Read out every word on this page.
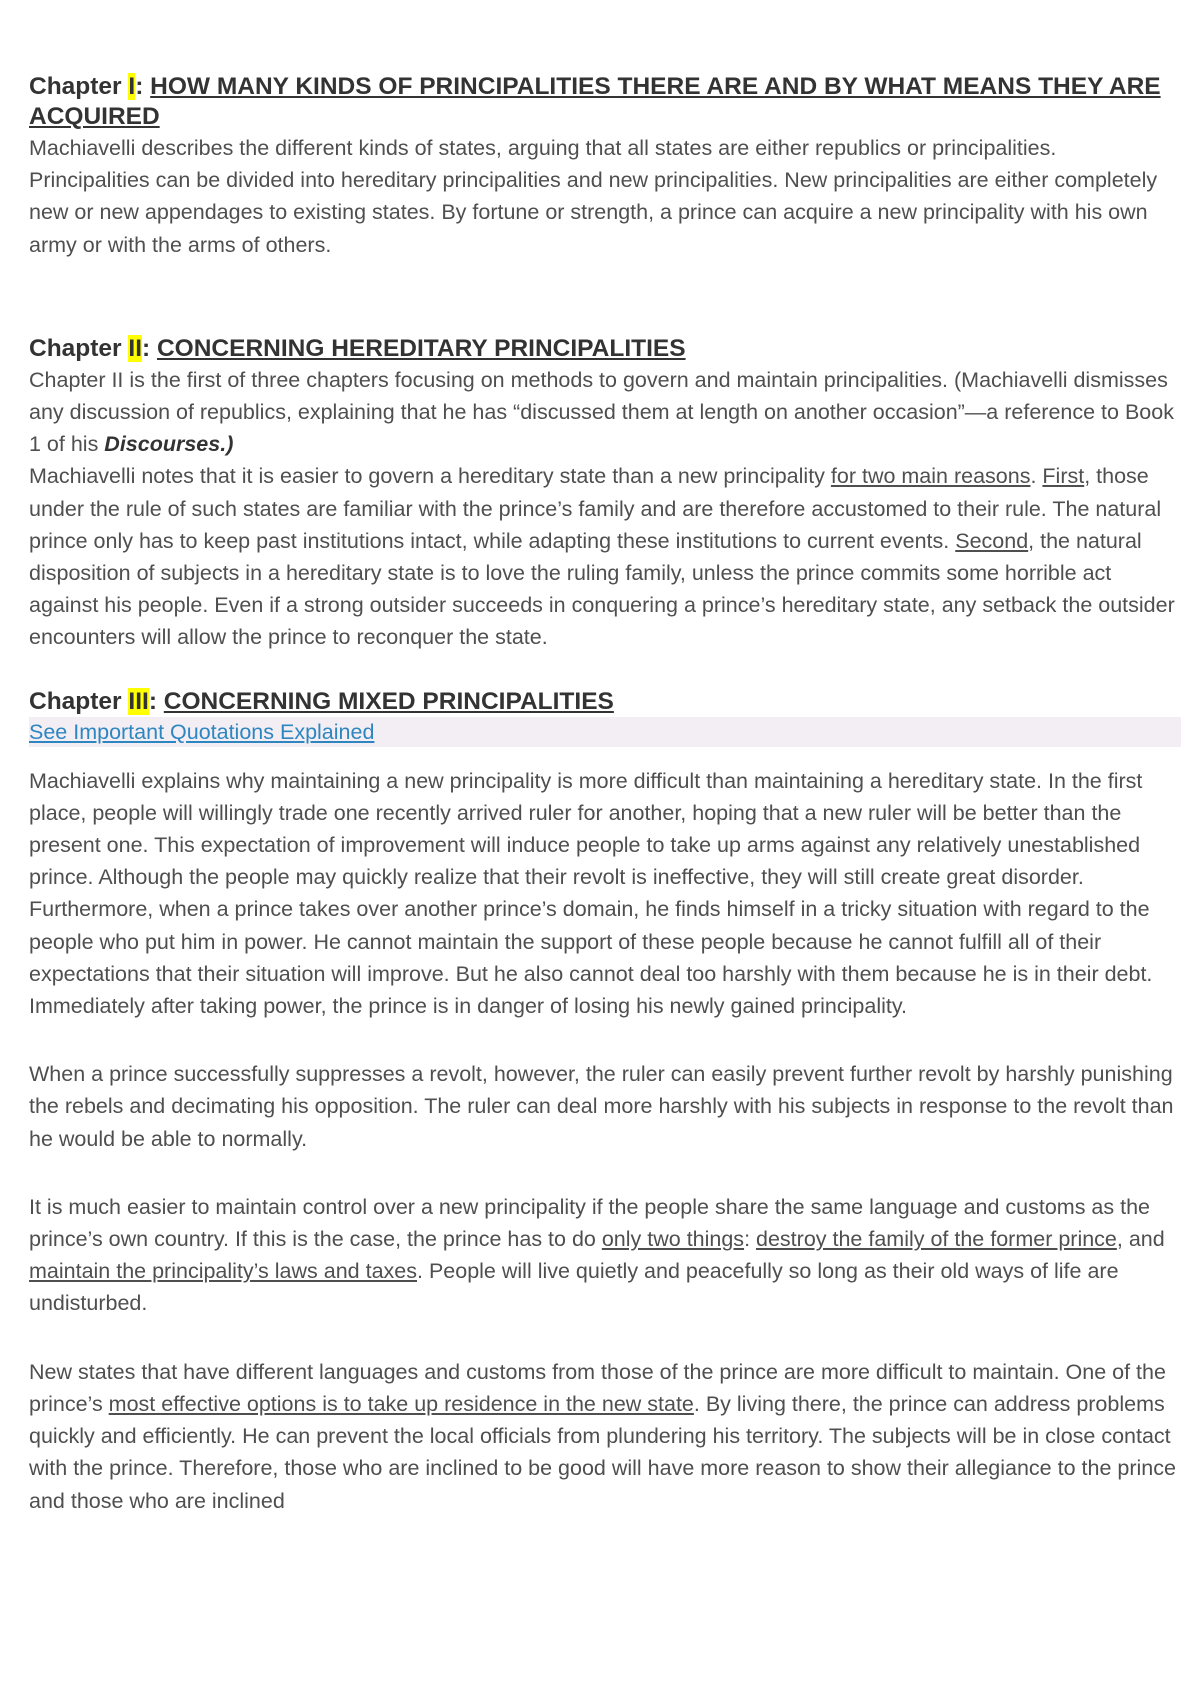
Chapter I: HOW MANY KINDS OF PRINCIPALITIES THERE ARE AND BY WHAT MEANS THEY ARE ACQUIRED

Machiavelli describes the different kinds of states, arguing that all states are either republics or principalities. Principalities can be divided into hereditary principalities and new principalities. New principalities are either completely new or new appendages to existing states. By fortune or strength, a prince can acquire a new principality with his own army or with the arms of others.

Chapter II: CONCERNING HEREDITARY PRINCIPALITIES

Chapter II is the first of three chapters focusing on methods to govern and maintain principalities. (Machiavelli dismisses any discussion of republics, explaining that he has “discussed them at length on another occasion”—a reference to Book 1 of his Discourses.)

Machiavelli notes that it is easier to govern a hereditary state than a new principality for two main reasons. First, those under the rule of such states are familiar with the prince’s family and are therefore accustomed to their rule. The natural prince only has to keep past institutions intact, while adapting these institutions to current events. Second, the natural disposition of subjects in a hereditary state is to love the ruling family, unless the prince commits some horrible act against his people. Even if a strong outsider succeeds in conquering a prince’s hereditary state, any setback the outsider encounters will allow the prince to reconquer the state.

Chapter III: CONCERNING MIXED PRINCIPALITIES

See Important Quotations Explained

Machiavelli explains why maintaining a new principality is more difficult than maintaining a hereditary state. In the first place, people will willingly trade one recently arrived ruler for another, hoping that a new ruler will be better than the present one. This expectation of improvement will induce people to take up arms against any relatively unestablished prince. Although the people may quickly realize that their revolt is ineffective, they will still create great disorder. Furthermore, when a prince takes over another prince’s domain, he finds himself in a tricky situation with regard to the people who put him in power. He cannot maintain the support of these people because he cannot fulfill all of their expectations that their situation will improve. But he also cannot deal too harshly with them because he is in their debt. Immediately after taking power, the prince is in danger of losing his newly gained principality.

When a prince successfully suppresses a revolt, however, the ruler can easily prevent further revolt by harshly punishing the rebels and decimating his opposition. The ruler can deal more harshly with his subjects in response to the revolt than he would be able to normally.

It is much easier to maintain control over a new principality if the people share the same language and customs as the prince’s own country. If this is the case, the prince has to do only two things: destroy the family of the former prince, and maintain the principality’s laws and taxes. People will live quietly and peacefully so long as their old ways of life are undisturbed.

New states that have different languages and customs from those of the prince are more difficult to maintain. One of the prince’s most effective options is to take up residence in the new state. By living there, the prince can address problems quickly and efficiently. He can prevent the local officials from plundering his territory. The subjects will be in close contact with the prince. Therefore, those who are inclined to be good will have more reason to show their allegiance to the prince and those who are inclined
